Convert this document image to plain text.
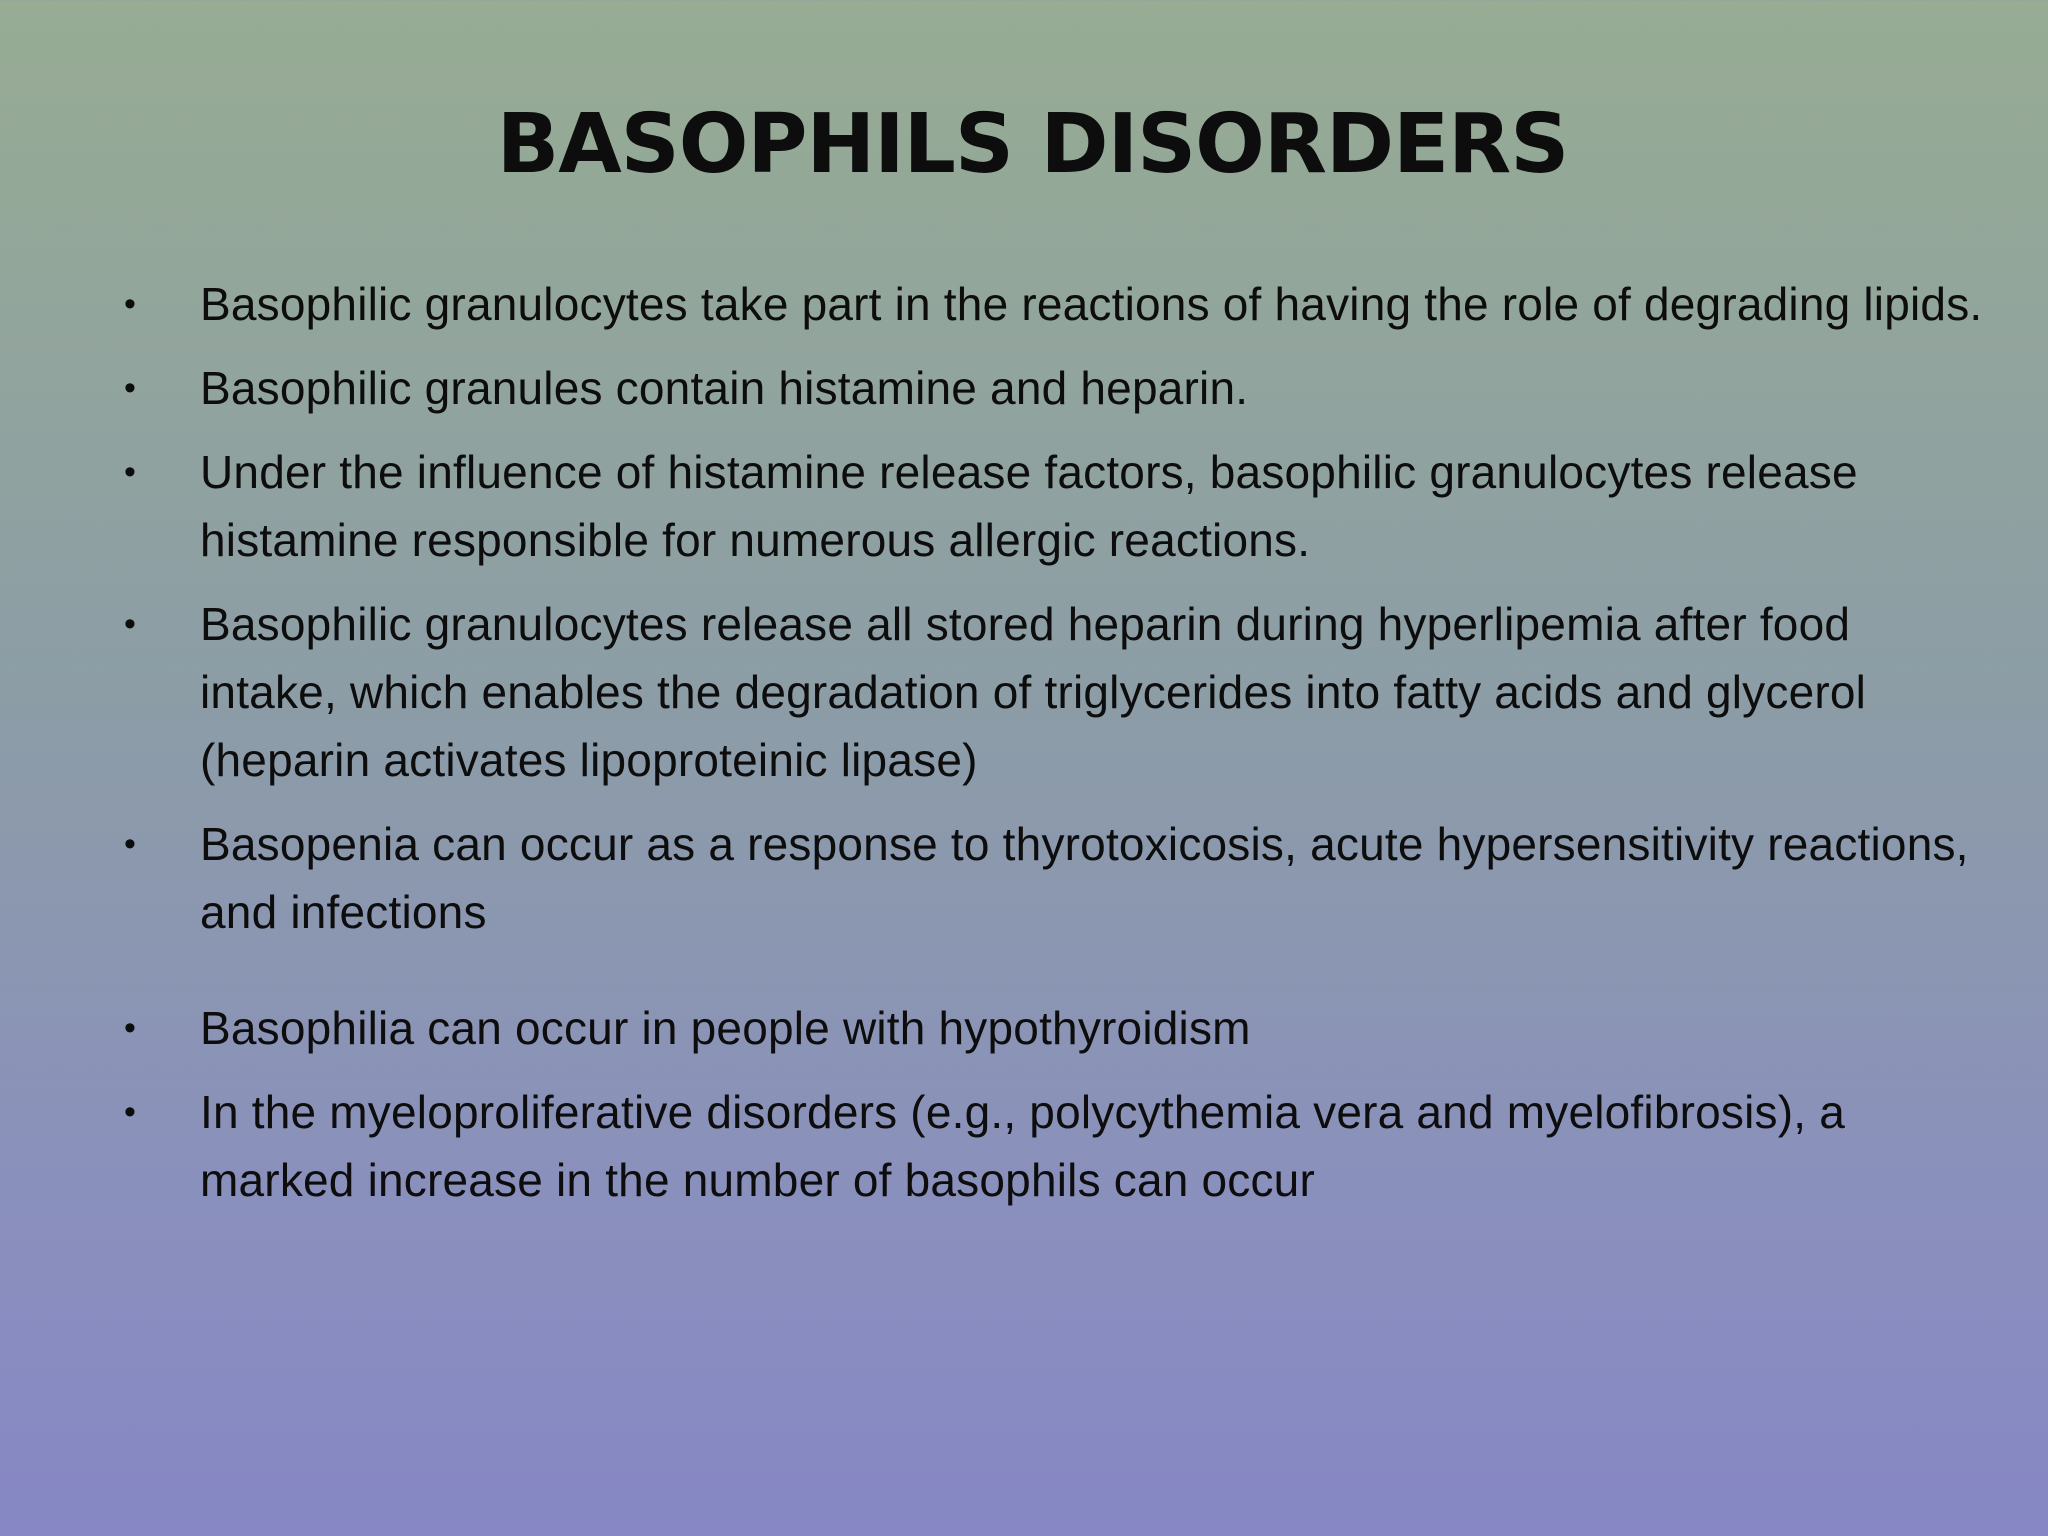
BASOPHILS DISORDERS
• Basophilic granulocytes take part in the reactions of having the role of degrading lipids.
• Basophilic granules contain histamine and heparin.
• Under the influence of histamine release factors, basophilic granulocytes release histamine responsible for numerous allergic reactions.
• Basophilic granulocytes release all stored heparin during hyperlipemia after food intake, which enables the degradation of triglycerides into fatty acids and glycerol (heparin activates lipoproteinic lipase)
• Basopenia can occur as a response to thyrotoxicosis, acute hypersensitivity reactions, and infections
• Basophilia can occur in people with hypothyroidism
• In the myeloproliferative disorders (e.g., polycythemia vera and myelofibrosis), a marked increase in the number of basophils can occur
